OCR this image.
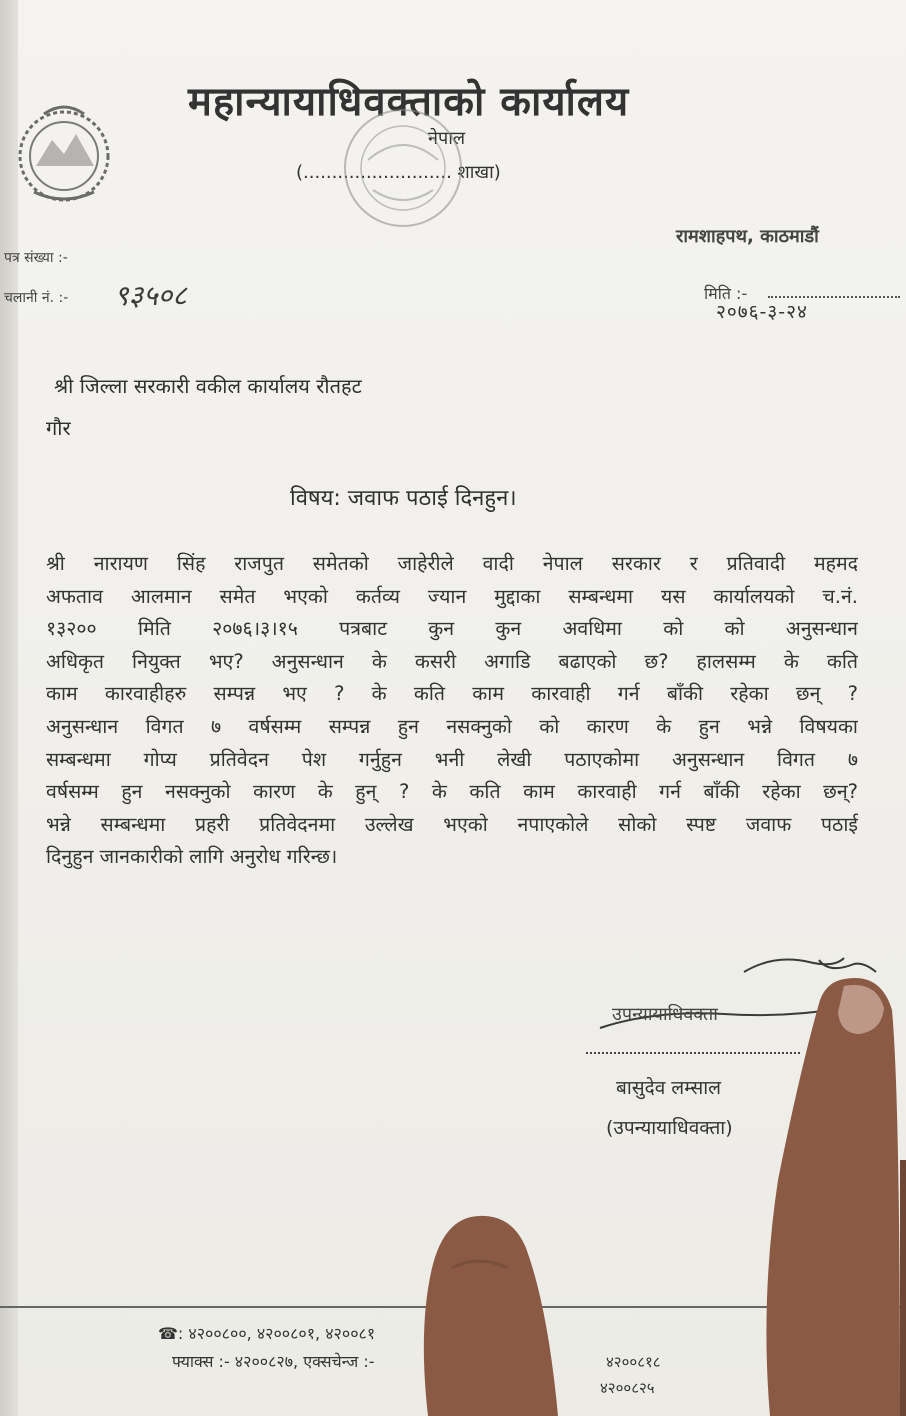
महान्यायाधिवक्ताको कार्यालय
नेपाल
(.......................... शाखा)
रामशाहपथ, काठमाडौं
पत्र संख्या :-
चलानी नं. :- ९३५०८	मिति :-
२०७६-३-२४
श्री जिल्ला सरकारी वकील कार्यालय रौतहट
गौर
विषय: जवाफ पठाई दिनहुन।
श्री नारायण सिंह राजपुत समेतको जाहेरीले वादी नेपाल सरकार र प्रतिवादी महमद
अफताव आलमान समेत भएको कर्तव्य ज्यान मुद्दाका सम्बन्धमा यस कार्यालयको च.नं.
१३२०० मिति २०७६।३।१५ पत्रबाट कुन कुन अवधिमा को को अनुसन्धान
अधिकृत नियुक्त भए? अनुसन्धान के कसरी अगाडि बढाएको छ? हालसम्म के कति
काम कारवाहीहरु सम्पन्न भए ? के कति काम कारवाही गर्न बाँकी रहेका छन् ?
अनुसन्धान विगत ७ वर्षसम्म सम्पन्न हुन नसक्नुको को कारण के हुन भन्ने विषयका
सम्बन्धमा गोप्य प्रतिवेदन पेश गर्नुहुन भनी लेखी पठाएकोमा अनुसन्धान विगत ७
वर्षसम्म हुन नसक्नुको कारण के हुन् ? के कति काम कारवाही गर्न बाँकी रहेका छन्?
भन्ने सम्बन्धमा प्रहरी प्रतिवेदनमा उल्लेख भएको नपाएकोले सोको स्पष्ट जवाफ पठाई
दिनुहुन जानकारीको लागि अनुरोध गरिन्छ।
उपन्यायाधिवक्ता
बासुदेव लम्साल
(उपन्यायाधिवक्ता)
☎: ४२००८००, ४२००८०१, ४२००८१
फ्याक्स :- ४२००८२७, एक्सचेन्ज :-	४२००८१८
४२००८२५
